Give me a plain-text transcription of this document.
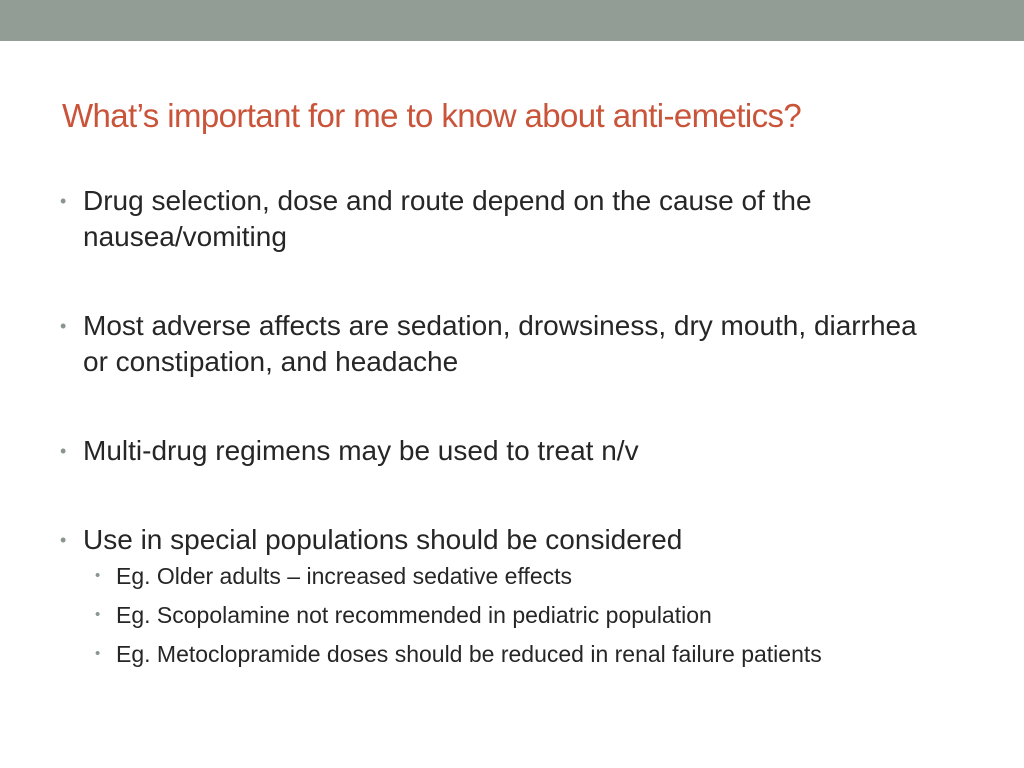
What’s important for me to know about anti-emetics?
• Drug selection, dose and route depend on the cause of the nausea/vomiting
• Most adverse affects are sedation, drowsiness, dry mouth, diarrhea or constipation, and headache
• Multi-drug regimens may be used to treat n/v
• Use in special populations should be considered
• Eg. Older adults – increased sedative effects
• Eg. Scopolamine not recommended in pediatric population
• Eg. Metoclopramide doses should be reduced in renal failure patients
